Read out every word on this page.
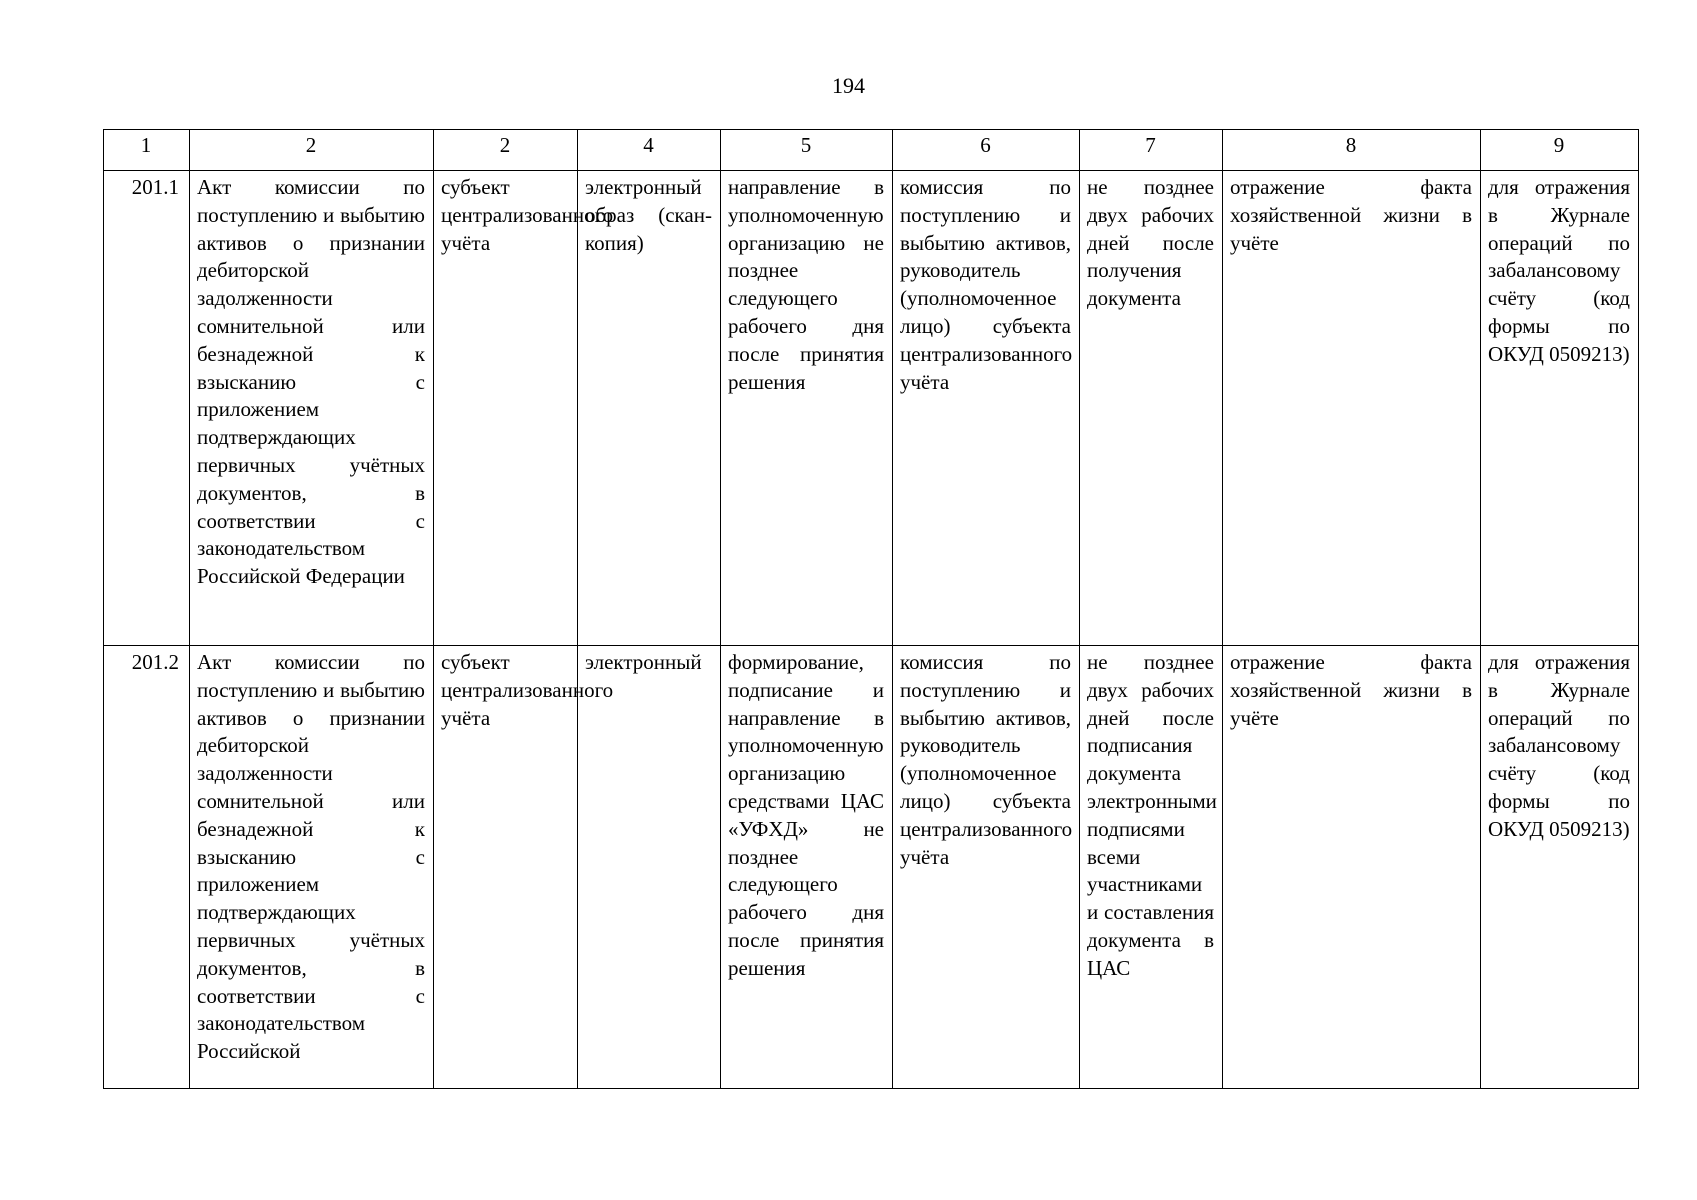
194
1	2	2	4	5	6	7	8	9
201.1	Акт комиссии по поступлению и выбытию активов о признании дебиторской задолженности сомнительной или безнадежной к взысканию с приложением подтверждающих первичных учётных документов, в соответствии с законодательством Российской Федерации	субъект централизованного учёта	электронный образ (скан-копия)	направление в уполномоченную организацию не позднее следующего рабочего дня после принятия решения	комиссия по поступлению и выбытию активов, руководитель (уполномоченное лицо) субъекта централизованного учёта	не позднее двух рабочих дней после получения документа	отражение факта хозяйственной жизни в учёте	для отражения в Журнале операций по забалансовому счёту (код формы по ОКУД 0509213)
201.2	Акт комиссии по поступлению и выбытию активов о признании дебиторской задолженности сомнительной или безнадежной к взысканию с приложением подтверждающих первичных учётных документов, в соответствии с законодательством Российской	субъект централизованного учёта	электронный	формирование, подписание и направление в уполномоченную организацию средствами ЦАС «УФХД» не позднее следующего рабочего дня после принятия решения	комиссия по поступлению и выбытию активов, руководитель (уполномоченное лицо) субъекта централизованного учёта	не позднее двух рабочих дней после подписания документа электронными подписями всеми участниками и составления документа в ЦАС	отражение факта хозяйственной жизни в учёте	для отражения в Журнале операций по забалансовому счёту (код формы по ОКУД 0509213)
